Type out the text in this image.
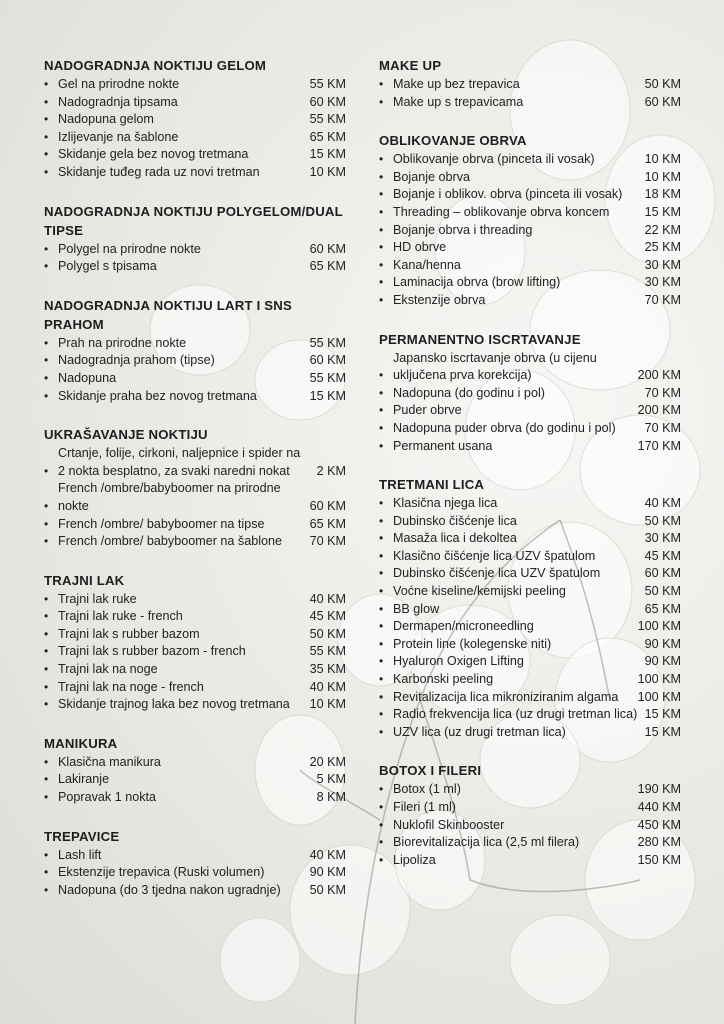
NADOGRADNJA NOKTIJU GELOM
• Gel na prirodne nokte	55 KM
• Nadogradnja tipsama	60 KM
• Nadopuna gelom	55 KM
• Izlijevanje na šablone	65 KM
• Skidanje gela bez novog tretmana	15 KM
• Skidanje tuđeg rada uz novi tretman	10 KM
NADOGRADNJA NOKTIJU POLYGELOM/DUAL TIPSE
• Polygel na prirodne nokte	60 KM
• Polygel s tpisama	65 KM
NADOGRADNJA NOKTIJU LART I SNS PRAHOM
• Prah na prirodne nokte	55 KM
• Nadogradnja prahom (tipse)	60 KM
• Nadopuna	55 KM
• Skidanje praha bez novog tretmana	15 KM
UKRAŠAVANJE NOKTIJU
•
Crtanje, folije, cirkoni, naljepnice i spider na 2 nokta besplatno, za svaki naredni nokat	2 KM
•
French /ombre/babyboomer na prirodne nokte	60 KM
• French /ombre/ babyboomer na tipse	65 KM
• French /ombre/ babyboomer na šablone	70 KM
TRAJNI LAK
• Trajni lak ruke	40 KM
• Trajni lak ruke - french	45 KM
• Trajni lak s rubber bazom	50 KM
• Trajni lak s rubber bazom - french	55 KM
• Trajni lak na noge	35 KM
• Trajni lak na noge - french	40 KM
• Skidanje trajnog laka bez novog tretmana	10 KM
MANIKURA
• Klasična manikura	20 KM
• Lakiranje	5 KM
• Popravak 1 nokta	8 KM
TREPAVICE
• Lash lift	40 KM
• Ekstenzije trepavica (Ruski volumen)	90 KM
• Nadopuna (do 3 tjedna nakon ugradnje)	50 KM
MAKE UP
• Make up bez trepavica	50 KM
• Make up s trepavicama	60 KM
OBLIKOVANJE OBRVA
• Oblikovanje obrva (pinceta ili vosak)	10 KM
• Bojanje obrva	10 KM
• Bojanje i oblikov. obrva (pinceta ili vosak)	18 KM
• Threading – oblikovanje obrva koncem	15 KM
• Bojanje obrva i threading	22 KM
• HD obrve	25 KM
• Kana/henna	30 KM
• Laminacija obrva (brow lifting)	30 KM
• Ekstenzije obrva	70 KM
PERMANENTNO ISCRTAVANJE
•
Japansko iscrtavanje obrva (u cijenu uključena prva korekcija)	200 KM
• Nadopuna (do godinu i pol)	70 KM
• Puder obrve	200 KM
• Nadopuna puder obrva (do godinu i pol)	70 KM
• Permanent usana	170 KM
TRETMANI LICA
• Klasična njega lica	40 KM
• Dubinsko čišćenje lica	50 KM
• Masaža lica i dekoltea	30 KM
• Klasično čišćenje lica UZV špatulom	45 KM
• Dubinsko čišćenje lica UZV špatulom	60 KM
• Voćne kiseline/kemijski peeling	50 KM
• BB glow	65 KM
• Dermapen/microneedling	100 KM
• Protein line (kolegenske niti)	90 KM
• Hyaluron Oxigen Lifting	90 KM
• Karbonski peeling	100 KM
• Revitalizacija lica mikroniziranim algama	100 KM
• Radio frekvencija lica (uz drugi tretman lica) 15 KM
• UZV lica (uz drugi tretman lica)	15 KM
BOTOX I FILERI
• Botox (1 ml)	190 KM
• Fileri (1 ml)	440 KM
• Nuklofil Skinbooster	450 KM
• Biorevitalizacija lica (2,5 ml filera)	280 KM
• Lipoliza	150 KM
